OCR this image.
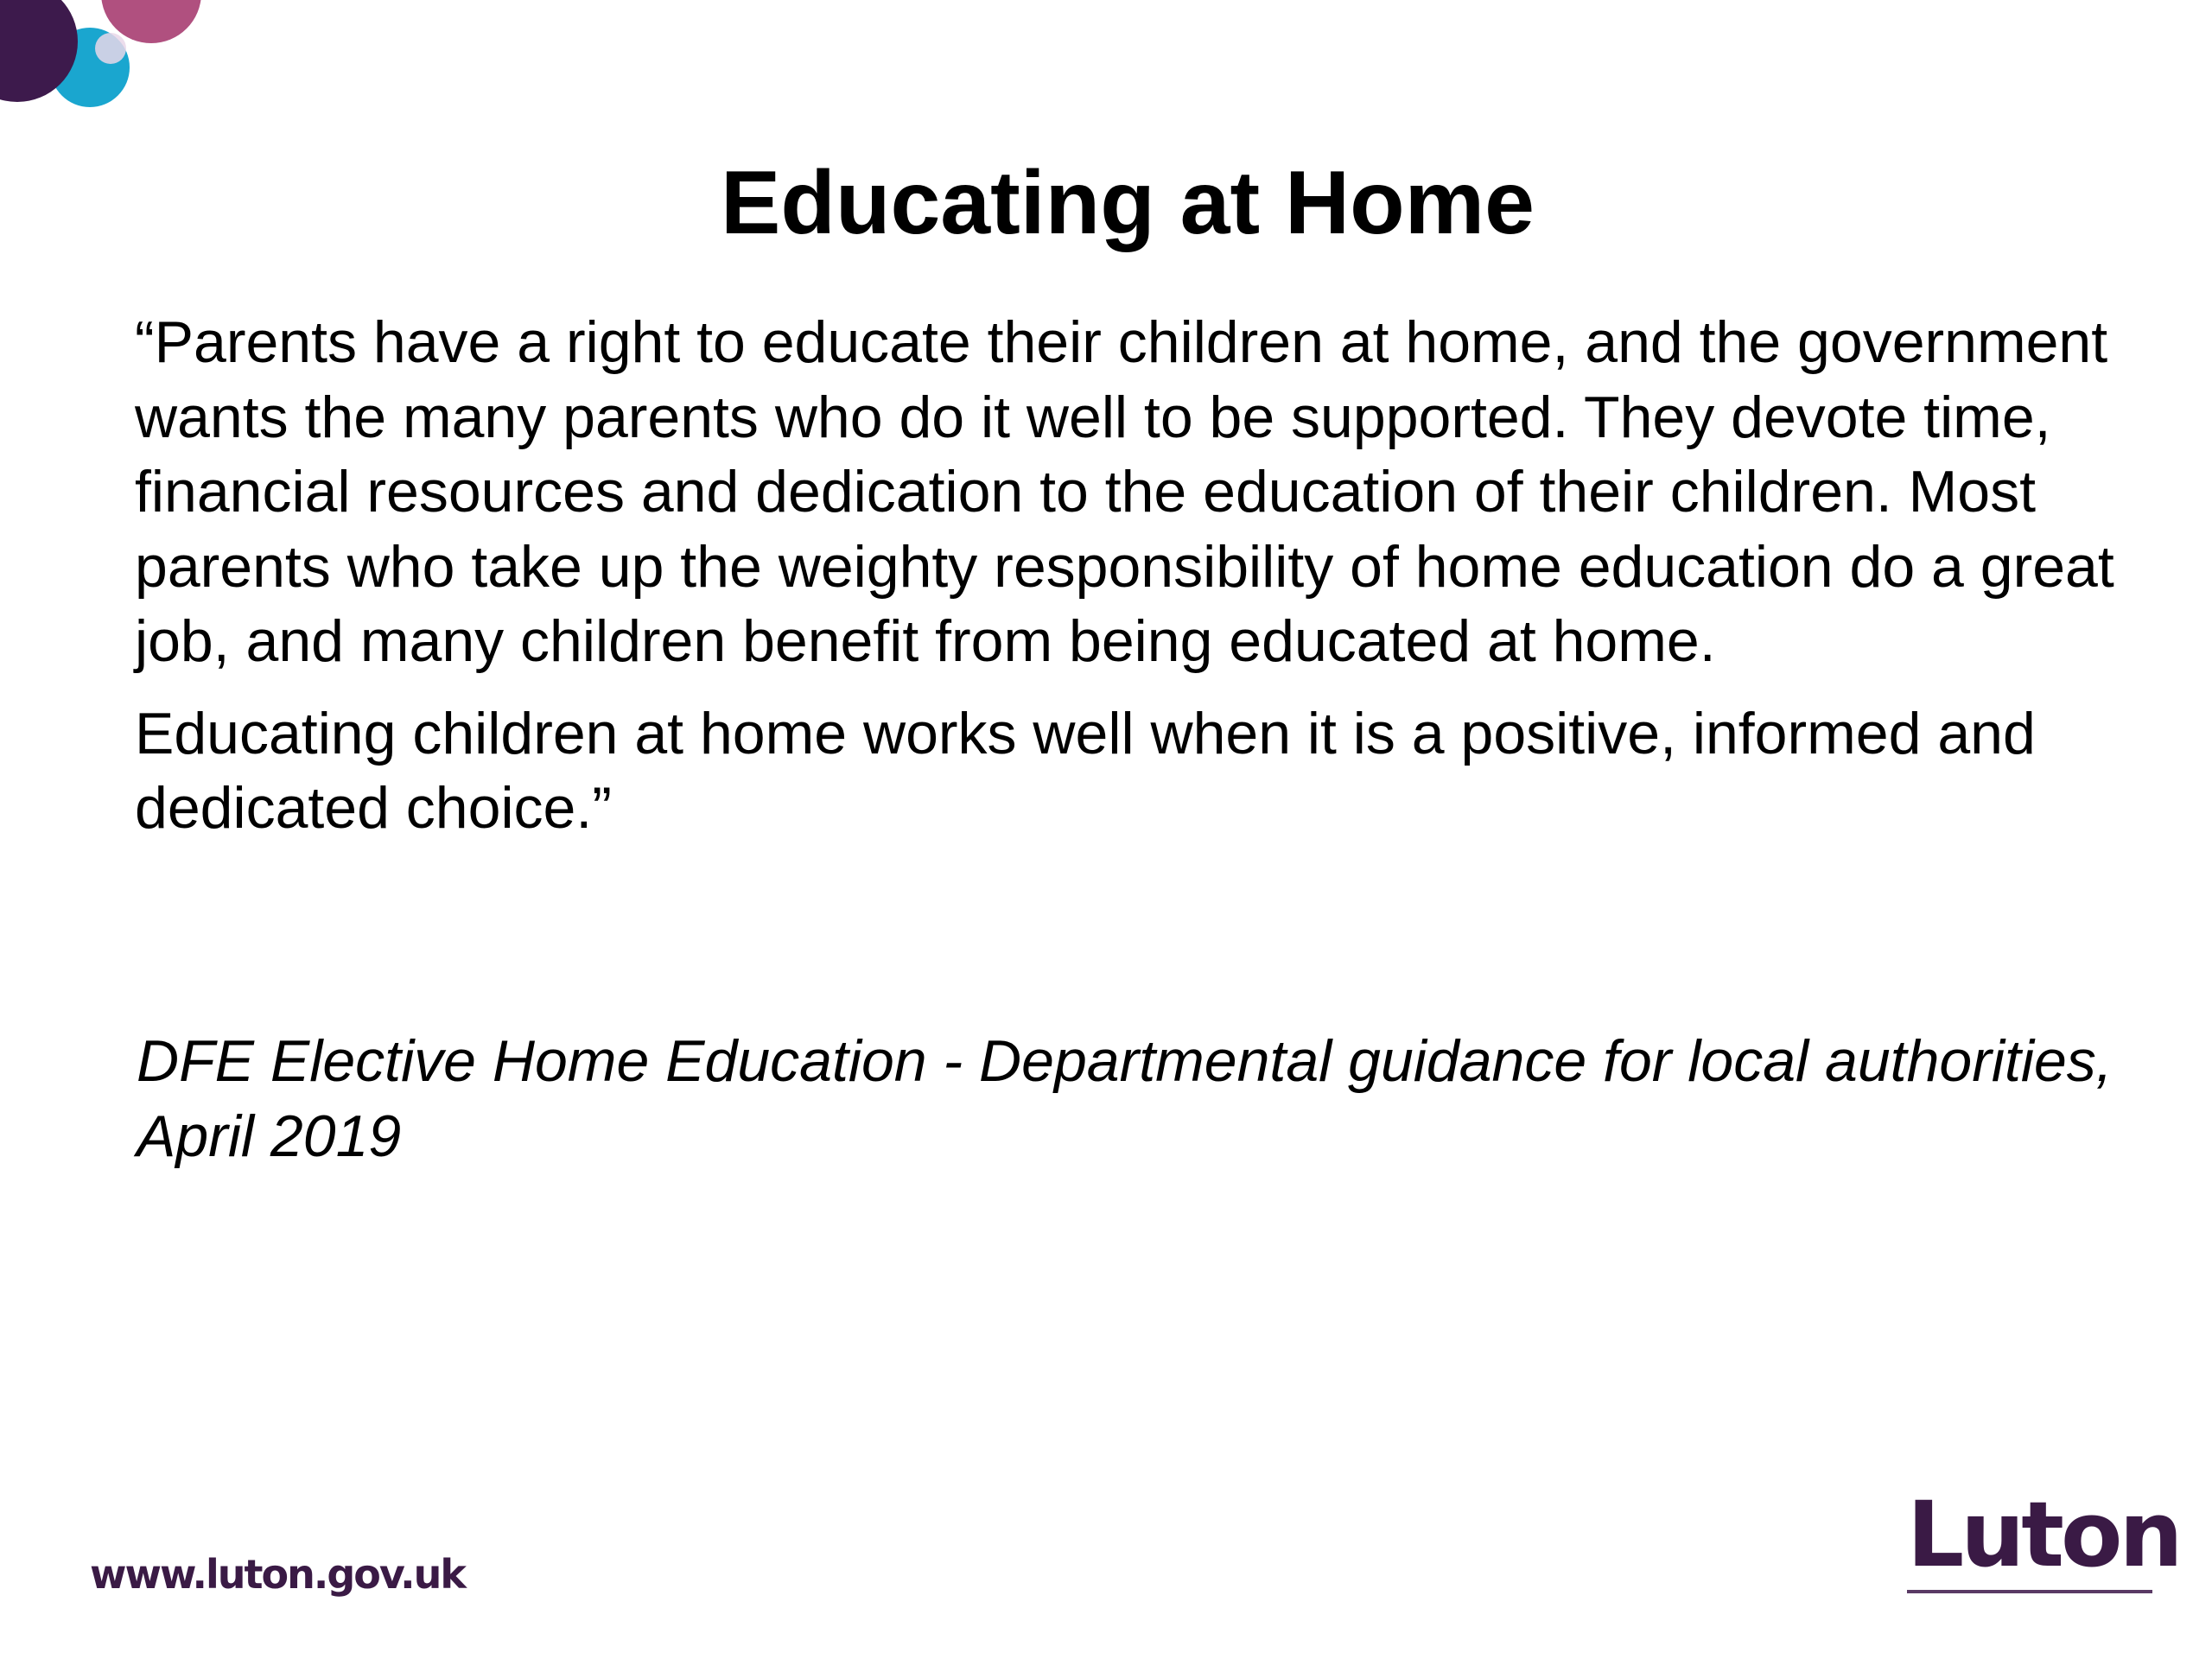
Educating at Home

“Parents have a right to educate their children at home, and the government wants the many parents who do it well to be supported. They devote time, financial resources and dedication to the education of their children. Most parents who take up the weighty responsibility of home education do a great job, and many children benefit from being educated at home.

Educating children at home works well when it is a positive, informed and dedicated choice.”

DFE Elective Home Education - Departmental guidance for local authorities, April 2019

www.luton.gov.uk	Luton
